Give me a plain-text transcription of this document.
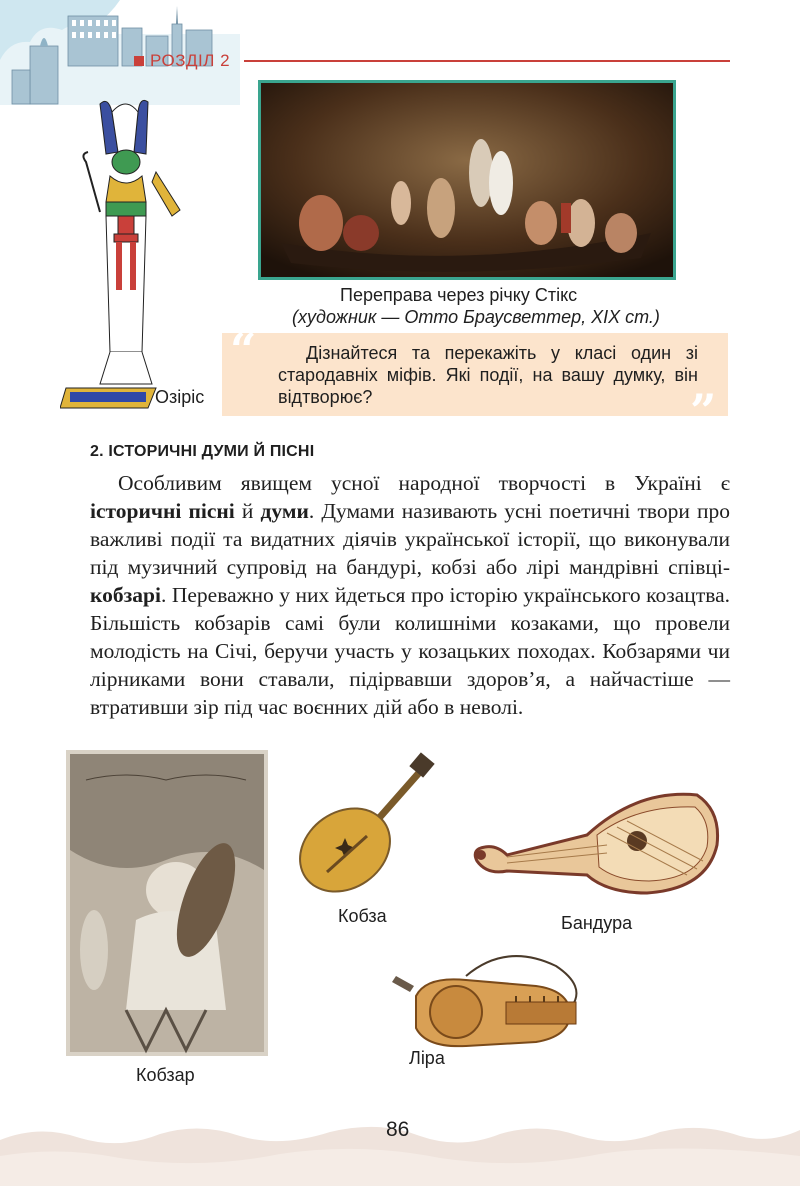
РОЗДІЛ 2
Озіріс
Переправа через річку Стікс
(художник — Отто Браусветтер, XIX ст.)
“
”
Дізнайтеся та перекажіть у класі один зі стародавніх міфів. Які події, на вашу думку, він відтворює?
2. ІСТОРИЧНІ ДУМИ Й ПІСНІ
Особливим явищем усної народної творчості в Україні є історичні пісні й думи. Думами називають усні поетичні твори про важливі події та видатних діячів української історії, що виконували під музичний супровід на бандурі, кобзі або лірі мандрівні співці-кобзарі. Переважно у них йдеться про історію українського козацтва. Більшість кобзарів самі були колишніми козаками, що провели молодість на Січі, беручи участь у козацьких походах. Кобзарями чи лірниками вони ставали, підірвавши здоров’я, а найчастіше — втративши зір під час воєнних дій або в неволі.
Кобзар
Кобза	Бандура
Ліра
86
